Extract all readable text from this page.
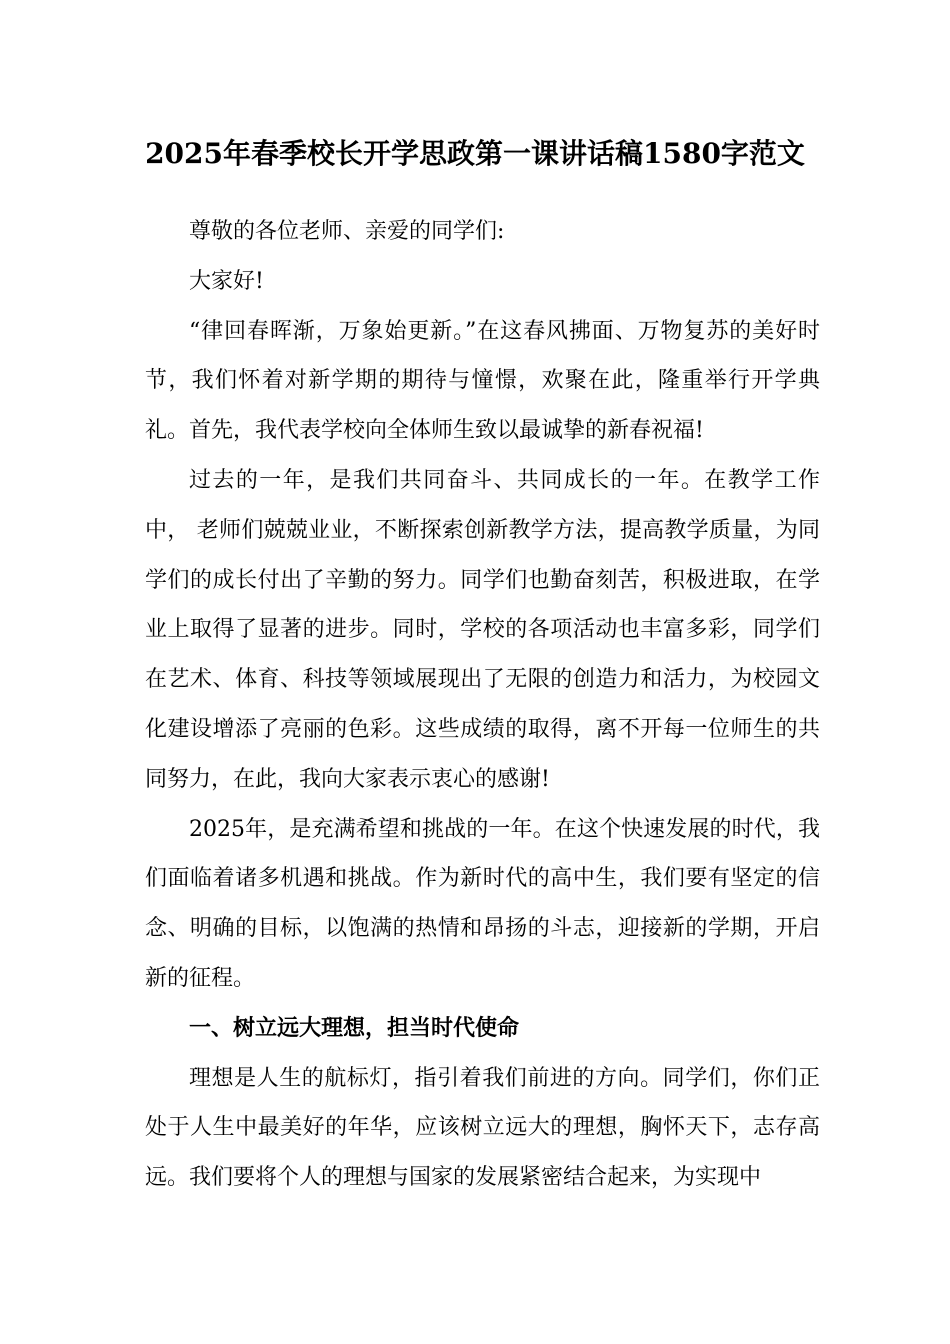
2025年春季校长开学思政第一课讲话稿1580字范文

尊敬的各位老师、亲爱的同学们:

大家好!

“律回春晖渐，万象始更新。”在这春风拂面、万物复苏的美好时节，我们怀着对新学期的期待与憧憬，欢聚在此，隆重举行开学典礼。首先，我代表学校向全体师生致以最诚挚的新春祝福!

过去的一年，是我们共同奋斗、共同成长的一年。在教学工作中， 老师们兢兢业业，不断探索创新教学方法，提高教学质量，为同学们的成长付出了辛勤的努力。同学们也勤奋刻苦，积极进取，在学业上取得了显著的进步。同时，学校的各项活动也丰富多彩，同学们在艺术、体育、科技等领域展现出了无限的创造力和活力，为校园文化建设增添了亮丽的色彩。这些成绩的取得，离不开每一位师生的共同努力，在此，我向大家表示衷心的感谢!

2025年，是充满希望和挑战的一年。在这个快速发展的时代，我们面临着诸多机遇和挑战。作为新时代的高中生，我们要有坚定的信念、明确的目标，以饱满的热情和昂扬的斗志，迎接新的学期，开启新的征程。

一、树立远大理想，担当时代使命

理想是人生的航标灯，指引着我们前进的方向。同学们，你们正处于人生中最美好的年华，应该树立远大的理想，胸怀天下，志存高远。我们要将个人的理想与国家的发展紧密结合起来，为实现中
